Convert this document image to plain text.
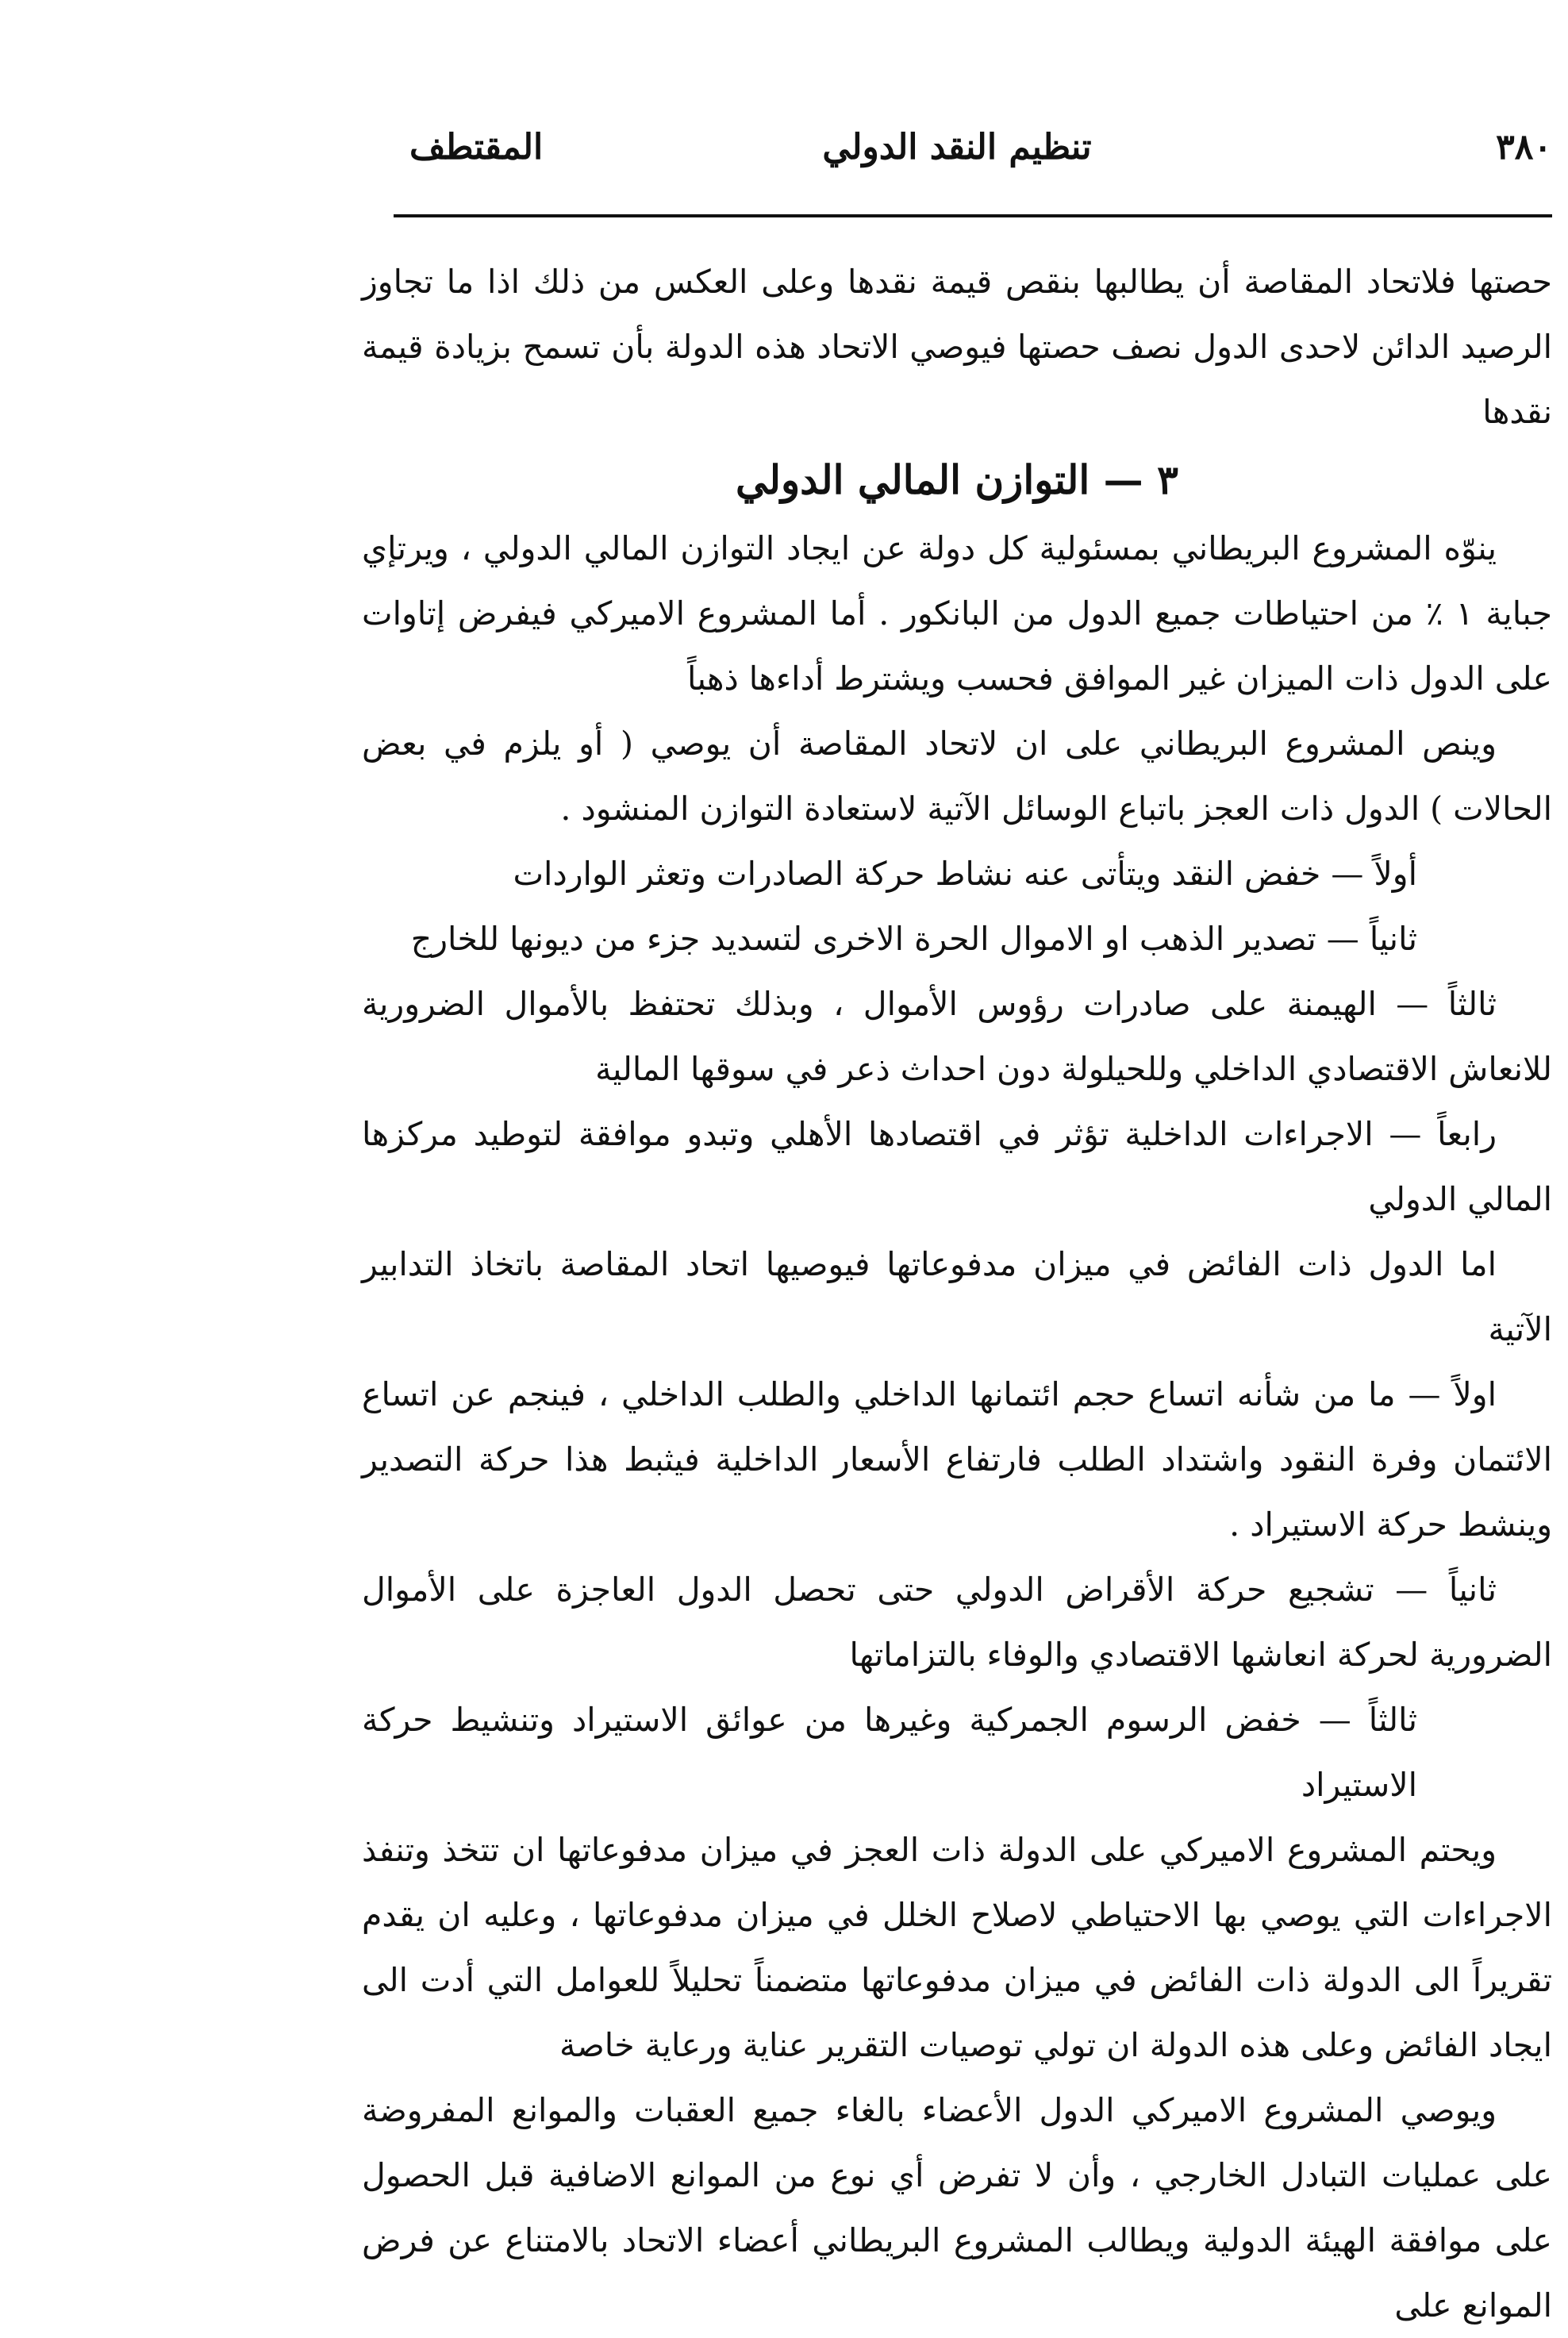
٣٨٠
تنظيم النقد الدولي
المقتطف

حصتها فلاتحاد المقاصة أن يطالبها بنقص قيمة نقدها وعلى العكس من ذلك اذا ما تجاوز الرصيد الدائن لاحدى الدول نصف حصتها فيوصي الاتحاد هذه الدولة بأن تسمح بزيادة قيمة نقدها

٣ — التوازن المالي الدولي

ينوّه المشروع البريطاني بمسئولية كل دولة عن ايجاد التوازن المالي الدولي ، ويرتإي جباية ١ ٪ من احتياطات جميع الدول من البانكور . أما المشروع الاميركي فيفرض إتاوات على الدول ذات الميزان غير الموافق فحسب ويشترط أداءها ذهباً

وينص المشروع البريطاني على ان لاتحاد المقاصة أن يوصي ( أو يلزم في بعض الحالات ) الدول ذات العجز باتباع الوسائل الآتية لاستعادة التوازن المنشود .

أولاً — خفض النقد ويتأتى عنه نشاط حركة الصادرات وتعثر الواردات

ثانياً — تصدير الذهب او الاموال الحرة الاخرى لتسديد جزء من ديونها للخارج

ثالثاً — الهيمنة على صادرات رؤوس الأموال ، وبذلك تحتفظ بالأموال الضرورية للانعاش الاقتصادي الداخلي وللحيلولة دون احداث ذعر في سوقها المالية

رابعاً — الاجراءات الداخلية تؤثر في اقتصادها الأهلي وتبدو موافقة لتوطيد مركزها المالي الدولي

اما الدول ذات الفائض في ميزان مدفوعاتها فيوصيها اتحاد المقاصة باتخاذ التدابير الآتية

اولاً — ما من شأنه اتساع حجم ائتمانها الداخلي والطلب الداخلي ، فينجم عن اتساع الائتمان وفرة النقود واشتداد الطلب فارتفاع الأسعار الداخلية فيثبط هذا حركة التصدير وينشط حركة الاستيراد .

ثانياً — تشجيع حركة الأقراض الدولي حتى تحصل الدول العاجزة على الأموال الضرورية لحركة انعاشها الاقتصادي والوفاء بالتزاماتها

ثالثاً — خفض الرسوم الجمركية وغيرها من عوائق الاستيراد وتنشيط حركة الاستيراد

ويحتم المشروع الاميركي على الدولة ذات العجز في ميزان مدفوعاتها ان تتخذ وتنفذ الاجراءات التي يوصي بها الاحتياطي لاصلاح الخلل في ميزان مدفوعاتها ، وعليه ان يقدم تقريراً الى الدولة ذات الفائض في ميزان مدفوعاتها متضمناً تحليلاً للعوامل التي أدت الى ايجاد الفائض وعلى هذه الدولة ان تولي توصيات التقرير عناية ورعاية خاصة

ويوصي المشروع الاميركي الدول الأعضاء بالغاء جميع العقبات والموانع المفروضة على عمليات التبادل الخارجي ، وأن لا تفرض أي نوع من الموانع الاضافية قبل الحصول على موافقة الهيئة الدولية ويطالب المشروع البريطاني أعضاء الاتحاد بالامتناع عن فرض الموانع على
